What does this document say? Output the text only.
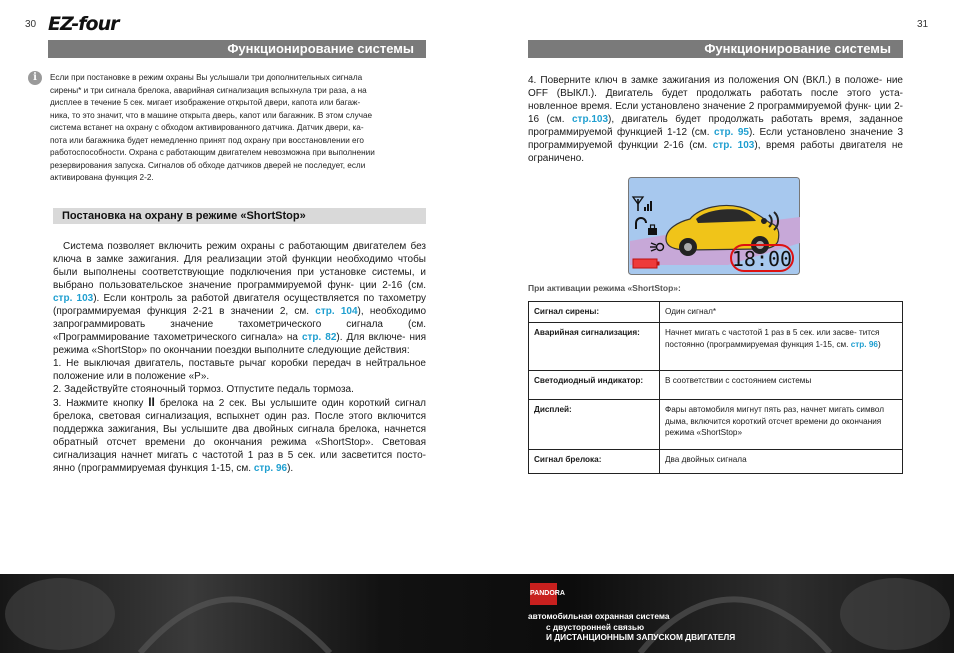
30 EZ-four
Функционирование системы
i	Если при постановке в режим охраны Вы услышали три дополнительных сигнала
сирены* и три сигнала брелока, аварийная сигнализация вспыхнула три раза, а на
дисплее в течение 5 сек. мигает изображение открытой двери, капота или багаж-
ника, то это значит, что в машине открыта дверь, капот или багажник. В этом случае
система встанет на охрану с обходом активированного датчика. Датчик двери, ка-
пота или багажника будет немедленно принят под охрану при восстановлении его
работоспособности. Охрана с работающим двигателем невозможна при выполнении
резервирования запуска. Сигналов об обходе датчиков дверей не последует, если
активирована функция 2-2.
Постановка на охрану в режиме «ShortStop»

Система позволяет включить режим охраны с работающим двигателем без ключа в замке зажигания. Для реализации этой функции необходимо чтобы были выполнены соответствующие подключения при установке системы, и выбрано пользовательское значение программируемой функ- ции 2-16 (см. стр. 103). Если контроль за работой двигателя осуществляется по тахометру (программируемая функция 2-21 в значении 2, см. стр. 104), необходимо запрограммировать значение тахометрического сигнала (см. «Программирование тахометрического сигнала» на стр. 82). Для включе- ния режима «ShortStop» по окончании поездки выполните следующие действия:

1. Не выключая двигатель, поставьте рычаг коробки передач в нейтральное положение или в положение «P».

2. Задействуйте стояночный тормоз. Отпустите педаль тормоза.

3. Нажмите кнопку II брелока на 2 сек. Вы услышите один короткий сигнал брелока, световая сигнализация, вспыхнет один раз. После этого включится поддержка зажигания, Вы услышите два двойных сигнала брелока, начнется обратный отсчет времени до окончания режима «ShortStop». Световая сигнализация начнет мигать с частотой 1 раз в 5 сек. или засветится посто- янно (программируемая функция 1-15, см. стр. 96).

31
Функционирование системы

4. Поверните ключ в замке зажигания из положения ON (ВКЛ.) в положе- ние OFF (ВЫКЛ.). Двигатель будет продолжать работать после этого уста- новленное время. Если установлено значение 2 программируемой функ- ции 2-16 (см. стр.103), двигатель будет продолжать работать время, заданное программируемой функцией 1-12 (см. стр. 95). Если установлено значение 3 программируемой функции 2-16 (см. стр. 103), время работы двигателя не ограничено.

18:00
При активации режима «ShortStop»:
Сигнал сирены:	Один сигнал*
Аварийная сигнализация:	Начнет мигать с частотой 1 раз в 5 сек. или засве- тится постоянно (программируемая функция 1-15, см. стр. 96)
Светодиодный индикатор:	В соответствии с состоянием системы
Дисплей:	Фары автомобиля мигнут пять раз, начнет мигать символ дыма, включится короткий отсчет времени до окончания режима «ShortStop»
Сигнал брелока:	Два двойных сигнала
PANDORA
автомобильная охранная система
с двусторонней связью
И ДИСТАНЦИОННЫМ ЗАПУСКОМ ДВИГАТЕЛЯ
